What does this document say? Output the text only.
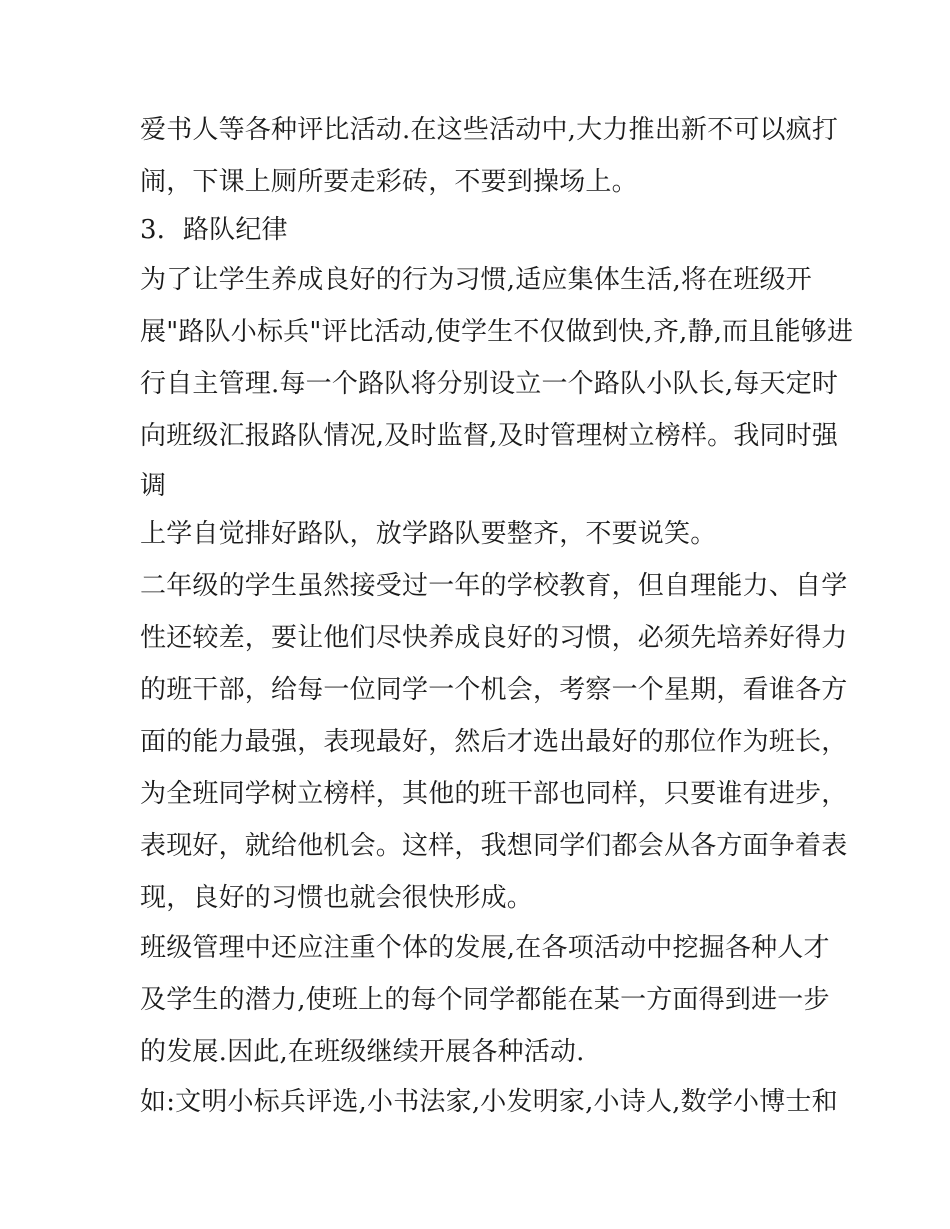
爱书人等各种评比活动.在这些活动中,大力推出新不可以疯打
闹，下课上厕所要走彩砖，不要到操场上。
3．路队纪律
为了让学生养成良好的行为习惯,适应集体生活,将在班级开
展"路队小标兵"评比活动,使学生不仅做到快,齐,静,而且能够进
行自主管理.每一个路队将分别设立一个路队小队长,每天定时
向班级汇报路队情况,及时监督,及时管理树立榜样。我同时强
调
上学自觉排好路队，放学路队要整齐，不要说笑。
二年级的学生虽然接受过一年的学校教育，但自理能力、自学
性还较差，要让他们尽快养成良好的习惯，必须先培养好得力
的班干部，给每一位同学一个机会，考察一个星期，看谁各方
面的能力最强，表现最好，然后才选出最好的那位作为班长，
为全班同学树立榜样，其他的班干部也同样，只要谁有进步，
表现好，就给他机会。这样，我想同学们都会从各方面争着表
现，良好的习惯也就会很快形成。
班级管理中还应注重个体的发展,在各项活动中挖掘各种人才
及学生的潜力,使班上的每个同学都能在某一方面得到进一步
的发展.因此,在班级继续开展各种活动.
如:文明小标兵评选,小书法家,小发明家,小诗人,数学小博士和
